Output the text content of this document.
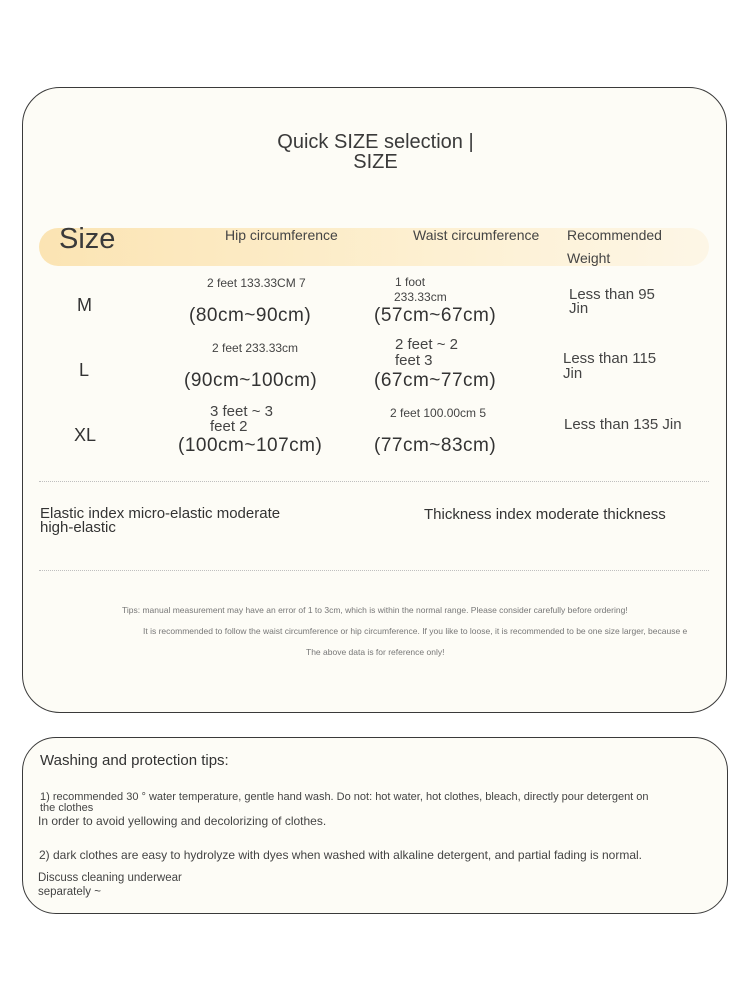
Quick SIZE selection |
SIZE
Size	Hip circumference	Waist circumference Recommended
Weight
M
2 feet 133.33CM 7
(80cm~90cm)
1 foot
233.33cm
(57cm~67cm)
Less than 95
Jin
L
2 feet 233.33cm
(90cm~100cm)
2 feet ~ 2
feet 3
(67cm~77cm)
Less than 115
Jin
XL
3 feet ~ 3
feet 2
(100cm~107cm)
2 feet 100.00cm 5
(77cm~83cm)
Less than 135 Jin
Elastic index micro-elastic moderate
high-elastic
Thickness index moderate thickness
Tips: manual measurement may have an error of 1 to 3cm, which is within the normal range. Please consider carefully before ordering!
It is recommended to follow the waist circumference or hip circumference. If you like to loose, it is recommended to be one size larger, because e
The above data is for reference only!
Washing and protection tips:
1) recommended 30 ° water temperature, gentle hand wash. Do not: hot water, hot clothes, bleach, directly pour detergent on
the clothes
In order to avoid yellowing and decolorizing of clothes.
2) dark clothes are easy to hydrolyze with dyes when washed with alkaline detergent, and partial fading is normal.
Discuss cleaning underwear
separately ~
